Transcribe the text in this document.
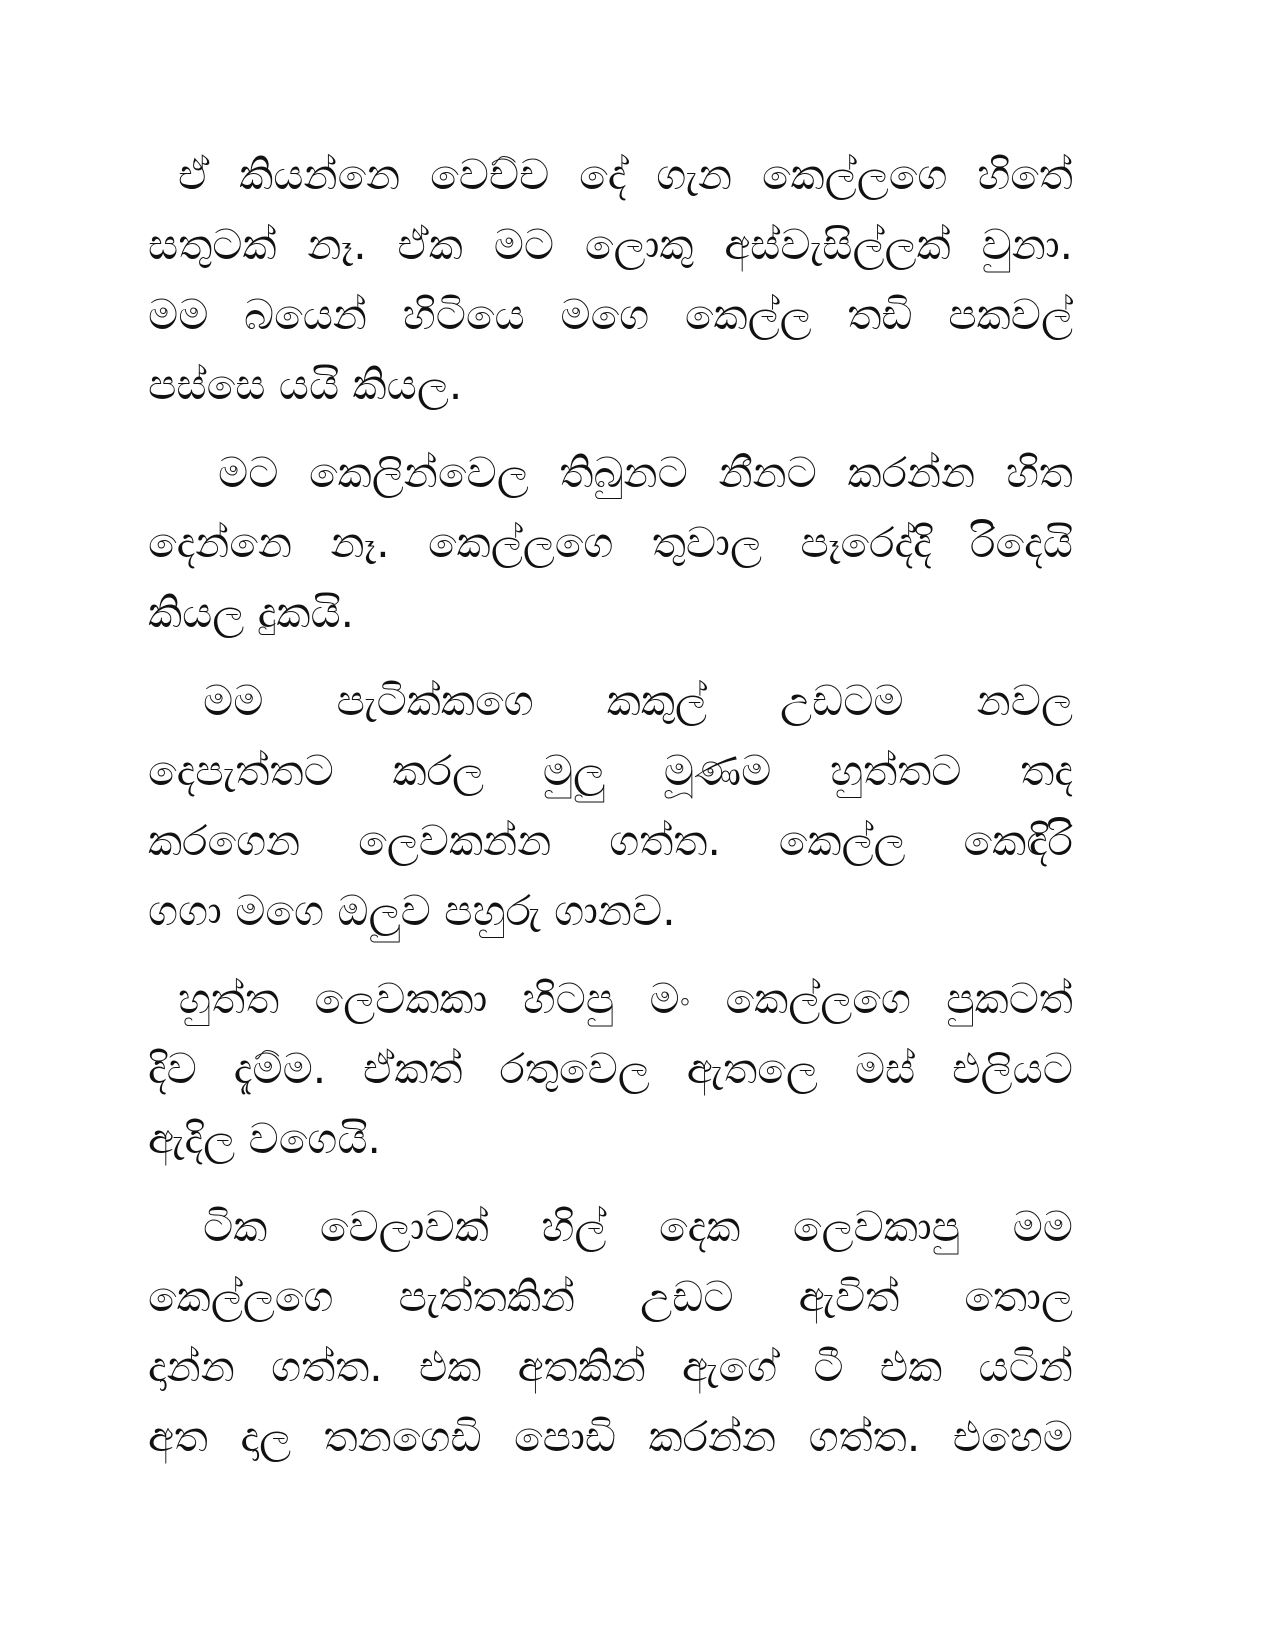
ඒ කියන්නෙ වෙච්ච දේ ගැන කෙල්ලගෙ හිතේ
සතුටක් නෑ. ඒක මට ලොකු අස්වැසිල්ලක් වුනා.
මම බයෙන් හිටියෙ මගෙ කෙල්ල තඩි පකවල්
පස්සෙ යයි කියල.
මට කෙලින්වෙල තිබුනට නීනට කරන්න හිත
දෙන්නෙ නෑ. කෙල්ලගෙ තුවාල පෑරෙද්දි රිදෙයි
කියල දුකයි.
මම පැටික්කගෙ කකුල් උඩටම නවල
දෙපැත්තට කරල මුලු මූණම හුත්තට තද
කරගෙන ලෙවකන්න ගත්ත. කෙල්ල කෙඳිරි
ගගා මගෙ ඔලුව පහුරු ගානව.
හුත්ත ලෙවකකා හිටපු මං කෙල්ලගෙ පුකටත්
දිව දැම්ම. ඒකත් රතුවෙල ඇතලෙ මස් එලියට
ඇදිල වගෙයි.
ටික වෙලාවක් හිල් දෙක ලෙවකාපු මම
කෙල්ලගෙ පැත්තකින් උඩට ඇවිත් තොල
දාන්න ගත්ත. එක අතකින් ඇගේ ටී එක යටින්
අත දාල තනගෙඩි පොඩි කරන්න ගත්ත. එහෙම
